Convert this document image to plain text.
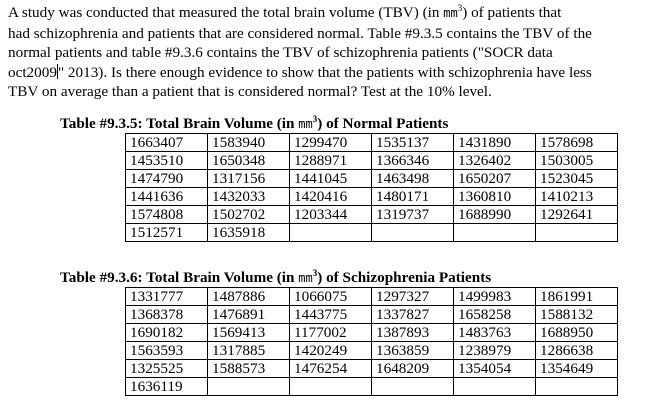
A study was conducted that measured the total brain volume (TBV) (in $mm^3$) of patients that
had schizophrenia and patients that are considered normal. Table #9.3.5 contains the TBV of the
normal patients and table #9.3.6 contains the TBV of schizophrenia patients ("SOCR data
oct2009" 2013). Is there enough evidence to show that the patients with schizophrenia have less
TBV on average than a patient that is considered normal? Test at the 10% level.
Table #9.3.5: Total Brain Volume (in $mm^3$) of Normal Patients
1663407	1583940	1299470	1535137	1431890	1578698
1453510	1650348	1288971	1366346	1326402	1503005
1474790	1317156	1441045	1463498	1650207	1523045
1441636	1432033	1420416	1480171	1360810	1410213
1574808	1502702	1203344	1319737	1688990	1292641
1512571	1635918				
Table #9.3.6: Total Brain Volume (in $mm^3$) of Schizophrenia Patients
1331777	1487886	1066075	1297327	1499983	1861991
1368378	1476891	1443775	1337827	1658258	1588132
1690182	1569413	1177002	1387893	1483763	1688950
1563593	1317885	1420249	1363859	1238979	1286638
1325525	1588573	1476254	1648209	1354054	1354649
1636119					
